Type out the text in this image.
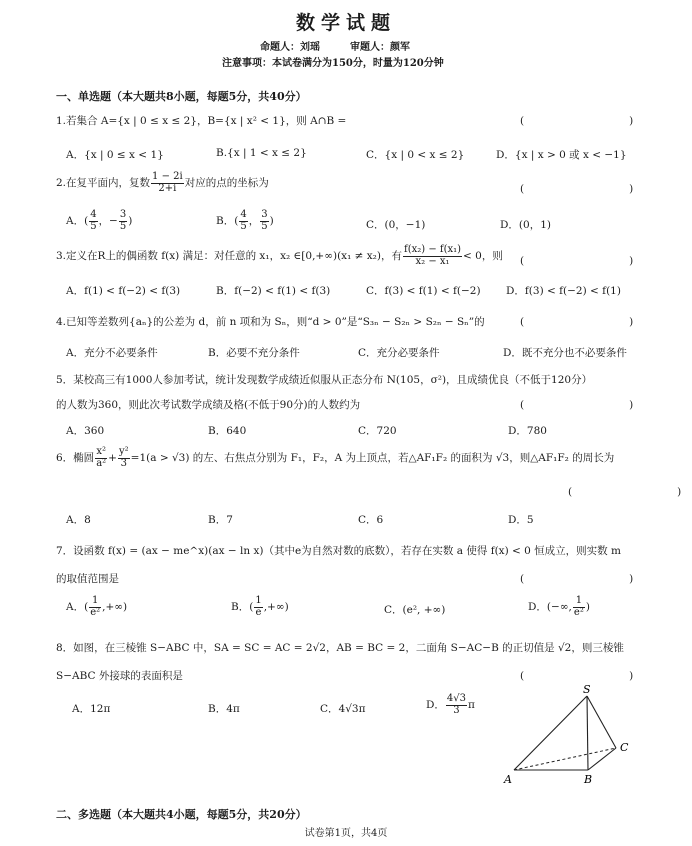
数学试题
命题人：刘瑶　　　审题人：颜军
注意事项：本试卷满分为150分，时量为120分钟
一、单选题（本大题共8小题，每题5分，共40分）
1.若集合 A={x | 0 ≤ x ≤ 2}，B={x | x² < 1}，则 A∩B =	(　　　　　　　　　　)
A．{x | 0 ≤ x < 1}	B.{x | 1 < x ≤ 2}	C．{x | 0 < x ≤ 2}	D．{x | x > 0 或 x < −1}
2.在复平面内，复数 $\frac{1 - 2i}{2+i}$ 对应的点的坐标为	(　　　　　　　　　　)
A．( $\frac{4}{5}$ ，− $\frac{3}{5}$ )	B．( $\frac{4}{5}$ ， $\frac{3}{5}$ )	C．(0，−1)	D．(0，1)
3.定义在R上的偶函数 f(x) 满足：对任意的 x₁，x₂ ∈[0,+∞)(x₁ ≠ x₂)，有 $\frac{\text{f(x₂) − f(x₁)}}{\text{x₂ − x₁}} < 0$，则 (　　　　　　　　　　)
A．f(1) < f(−2) < f(3)	B．f(−2) < f(1) < f(3)	C．f(3) < f(1) < f(−2) D．f(3) < f(−2) < f(1)
4.已知等差数列{aₙ}的公差为 d，前 n 项和为 Sₙ，则“d > 0”是“S₃ₙ − S₂ₙ > S₂ₙ − Sₙ”的	(　　　　　　　　　　)
A．充分不必要条件	B．必要不充分条件	C．充分必要条件	D．既不充分也不必要条件
5．某校高三有1000人参加考试，统计发现数学成绩近似服从正态分布 N(105，σ²)，且成绩优良（不低于120分）
的人数为360，则此次考试数学成绩及格(不低于90分)的人数约为	(　　　　　　　　　　)
A．360	B．640	C．720	D．780
6．椭圆 $\frac{\text{x²}}{\text{a²}} + \frac{\text{y²}}{3} =1(a > √3)$ 的左、右焦点分别为 F₁，F₂，A 为上顶点，若△AF₁F₂ 的面积为 √3，则△AF₁F₂ 的周长为
(　　　　　　　　　　)
A．8	B．7	C．6	D．5
7．设函数 f(x) = (ax − me^x)(ax − ln x)（其中e为自然对数的底数），若存在实数 a 使得 f(x) < 0 恒成立，则实数 m
的取值范围是	(　　　　　　　　　　)
A．( $\frac{1}{\text{e²}}$ ,+∞)	B．( $\frac{1}{e}$ ,+∞)	C．(e², +∞)	D．(−∞, $\frac{1}{\text{e²}}$ )
8．如图，在三棱锥 S−ABC 中，SA = SC = AC = 2√2，AB = BC = 2，二面角 S−AC−B 的正切值是 √2，则三棱锥
S−ABC 外接球的表面积是	(　　　　　　　　　　)
A．12π	B．4π	C．4√3π	D． $\frac{4√3}{3}$ π
S
A	B
C
二、多选题（本大题共4小题，每题5分，共20分）
试卷第1页，共4页
